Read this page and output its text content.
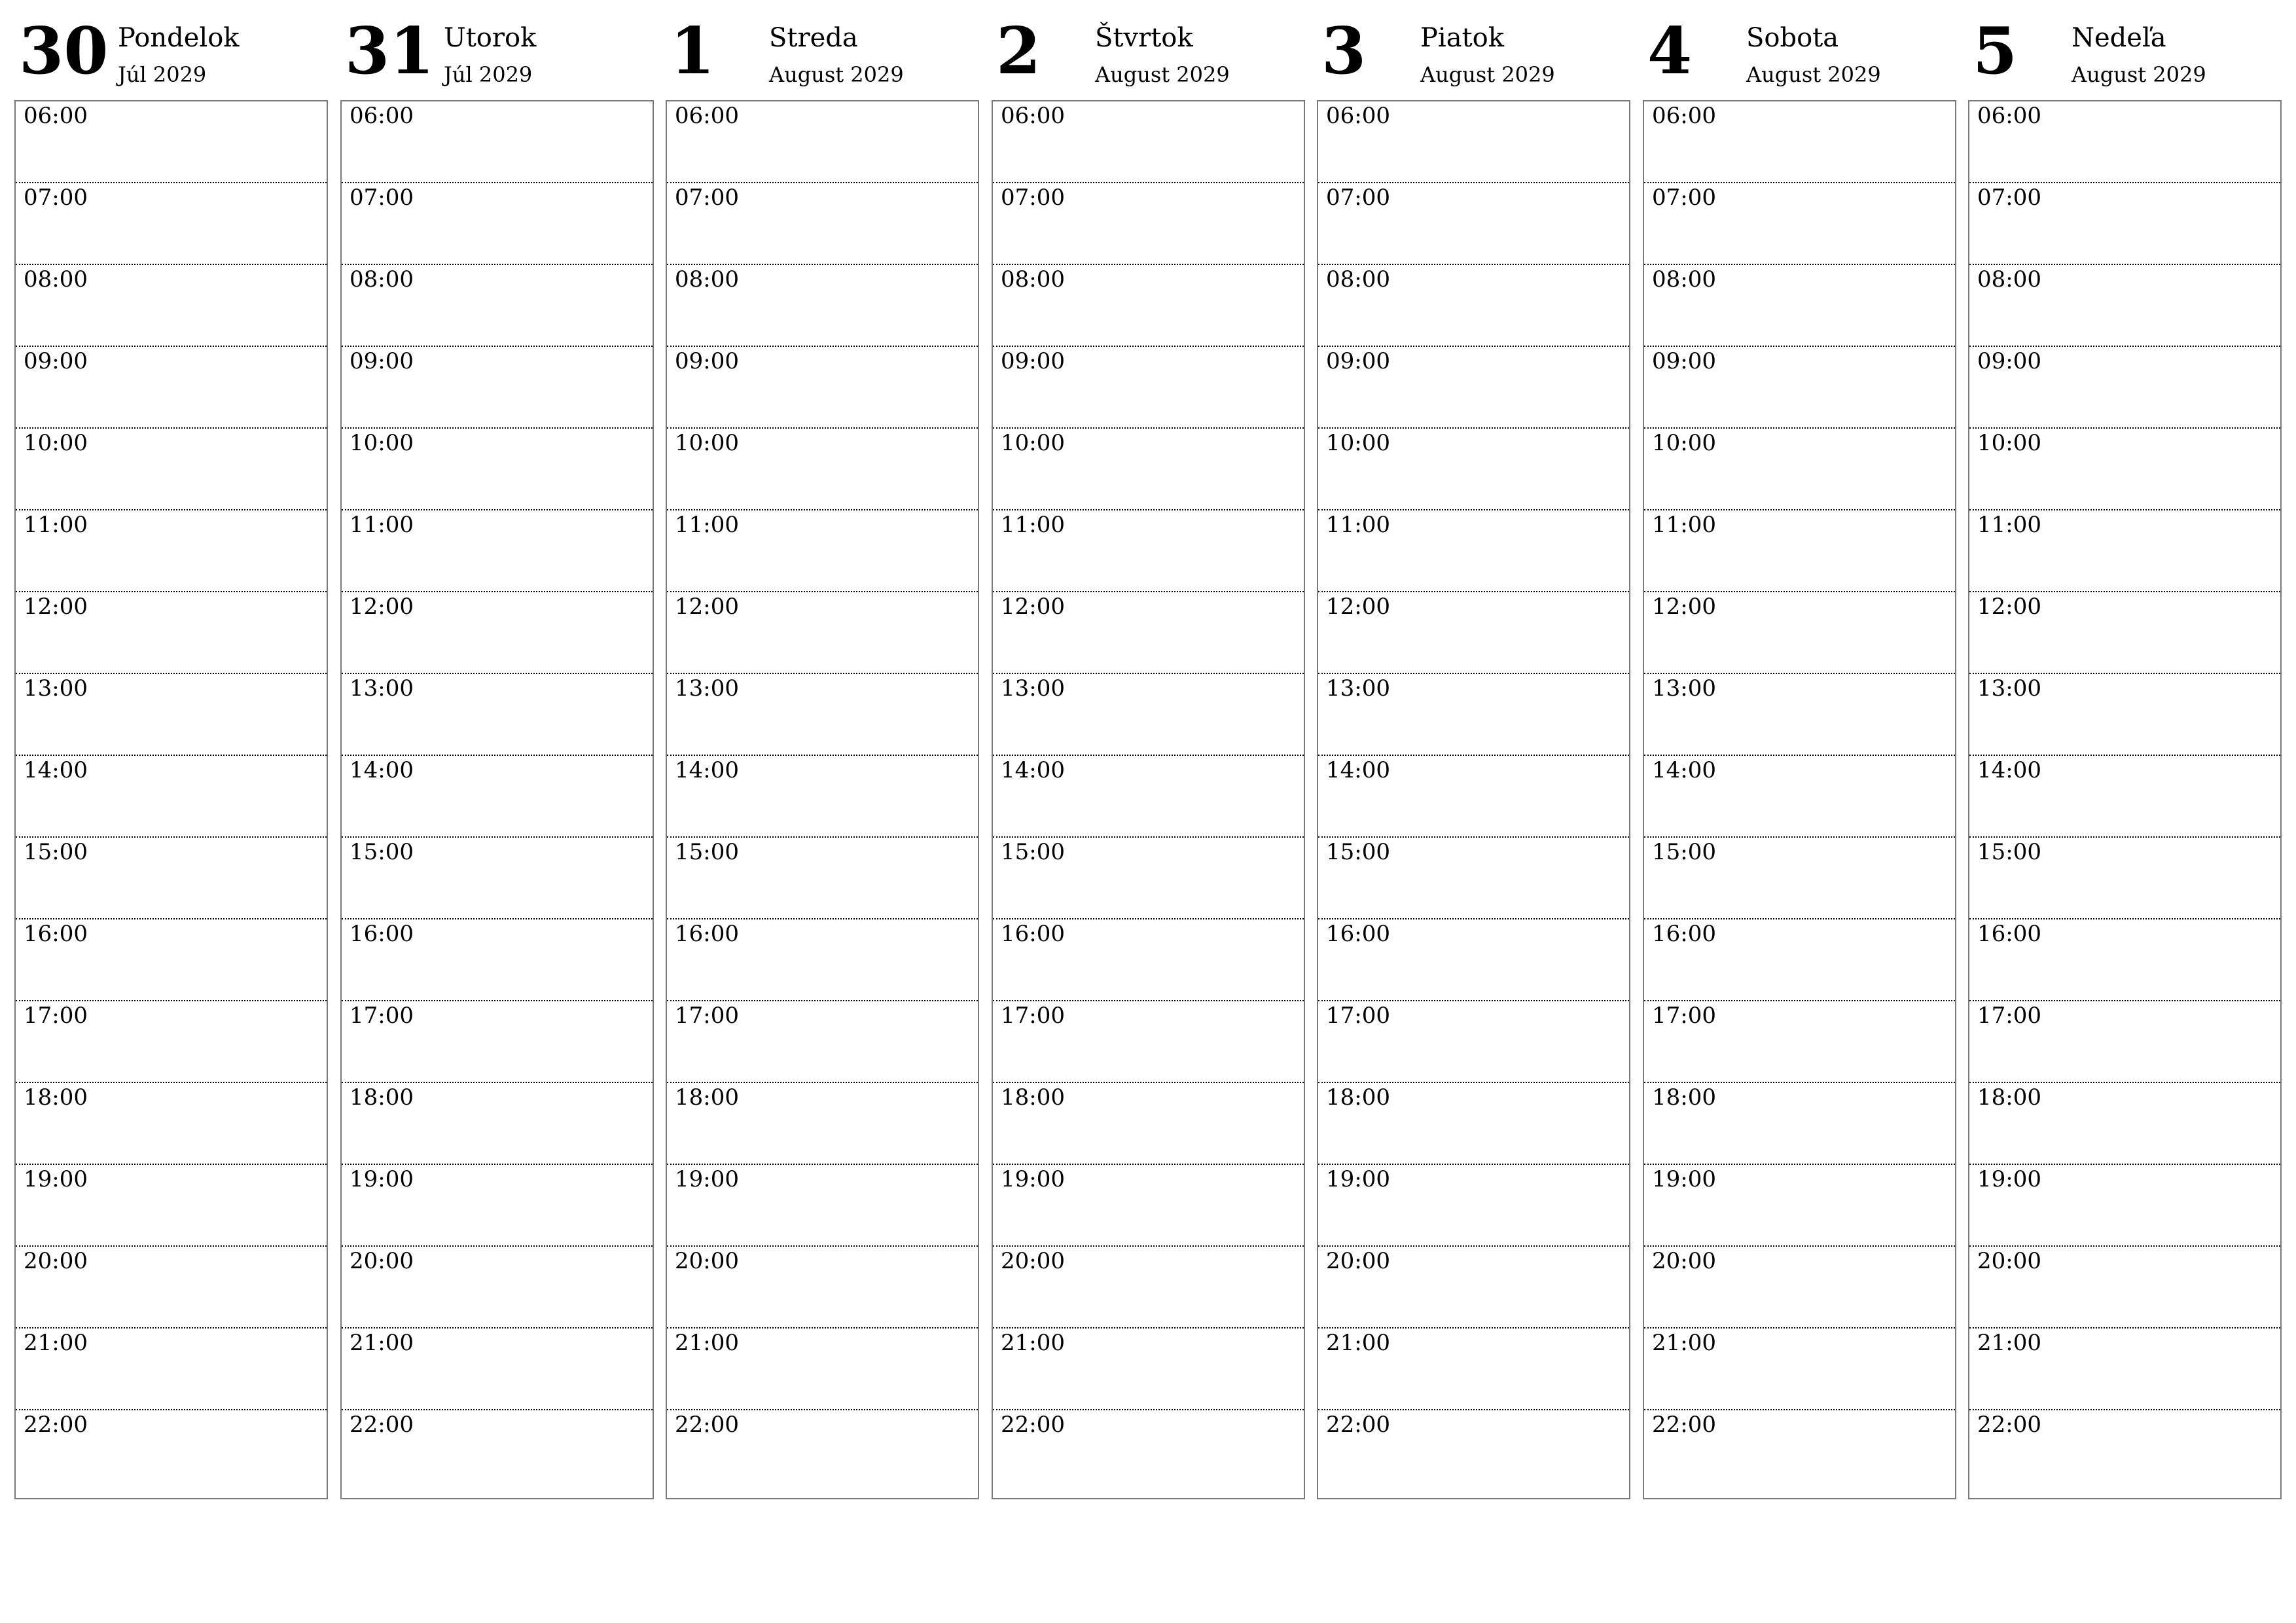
30 Pondelok
Júl 2029
06:00
07:00
08:00
09:00
10:00
11:00
12:00
13:00
14:00
15:00
16:00
17:00
18:00
19:00
20:00
21:00
22:00
31 Utorok
Júl 2029
06:00
07:00
08:00
09:00
10:00
11:00
12:00
13:00
14:00
15:00
16:00
17:00
18:00
19:00
20:00
21:00
22:00
1 Streda
August 2029
06:00
07:00
08:00
09:00
10:00
11:00
12:00
13:00
14:00
15:00
16:00
17:00
18:00
19:00
20:00
21:00
22:00
2 Štvrtok
August 2029
06:00
07:00
08:00
09:00
10:00
11:00
12:00
13:00
14:00
15:00
16:00
17:00
18:00
19:00
20:00
21:00
22:00
3 Piatok
August 2029
06:00
07:00
08:00
09:00
10:00
11:00
12:00
13:00
14:00
15:00
16:00
17:00
18:00
19:00
20:00
21:00
22:00
4 Sobota
August 2029
06:00
07:00
08:00
09:00
10:00
11:00
12:00
13:00
14:00
15:00
16:00
17:00
18:00
19:00
20:00
21:00
22:00
5 Nedeľa
August 2029
06:00
07:00
08:00
09:00
10:00
11:00
12:00
13:00
14:00
15:00
16:00
17:00
18:00
19:00
20:00
21:00
22:00
